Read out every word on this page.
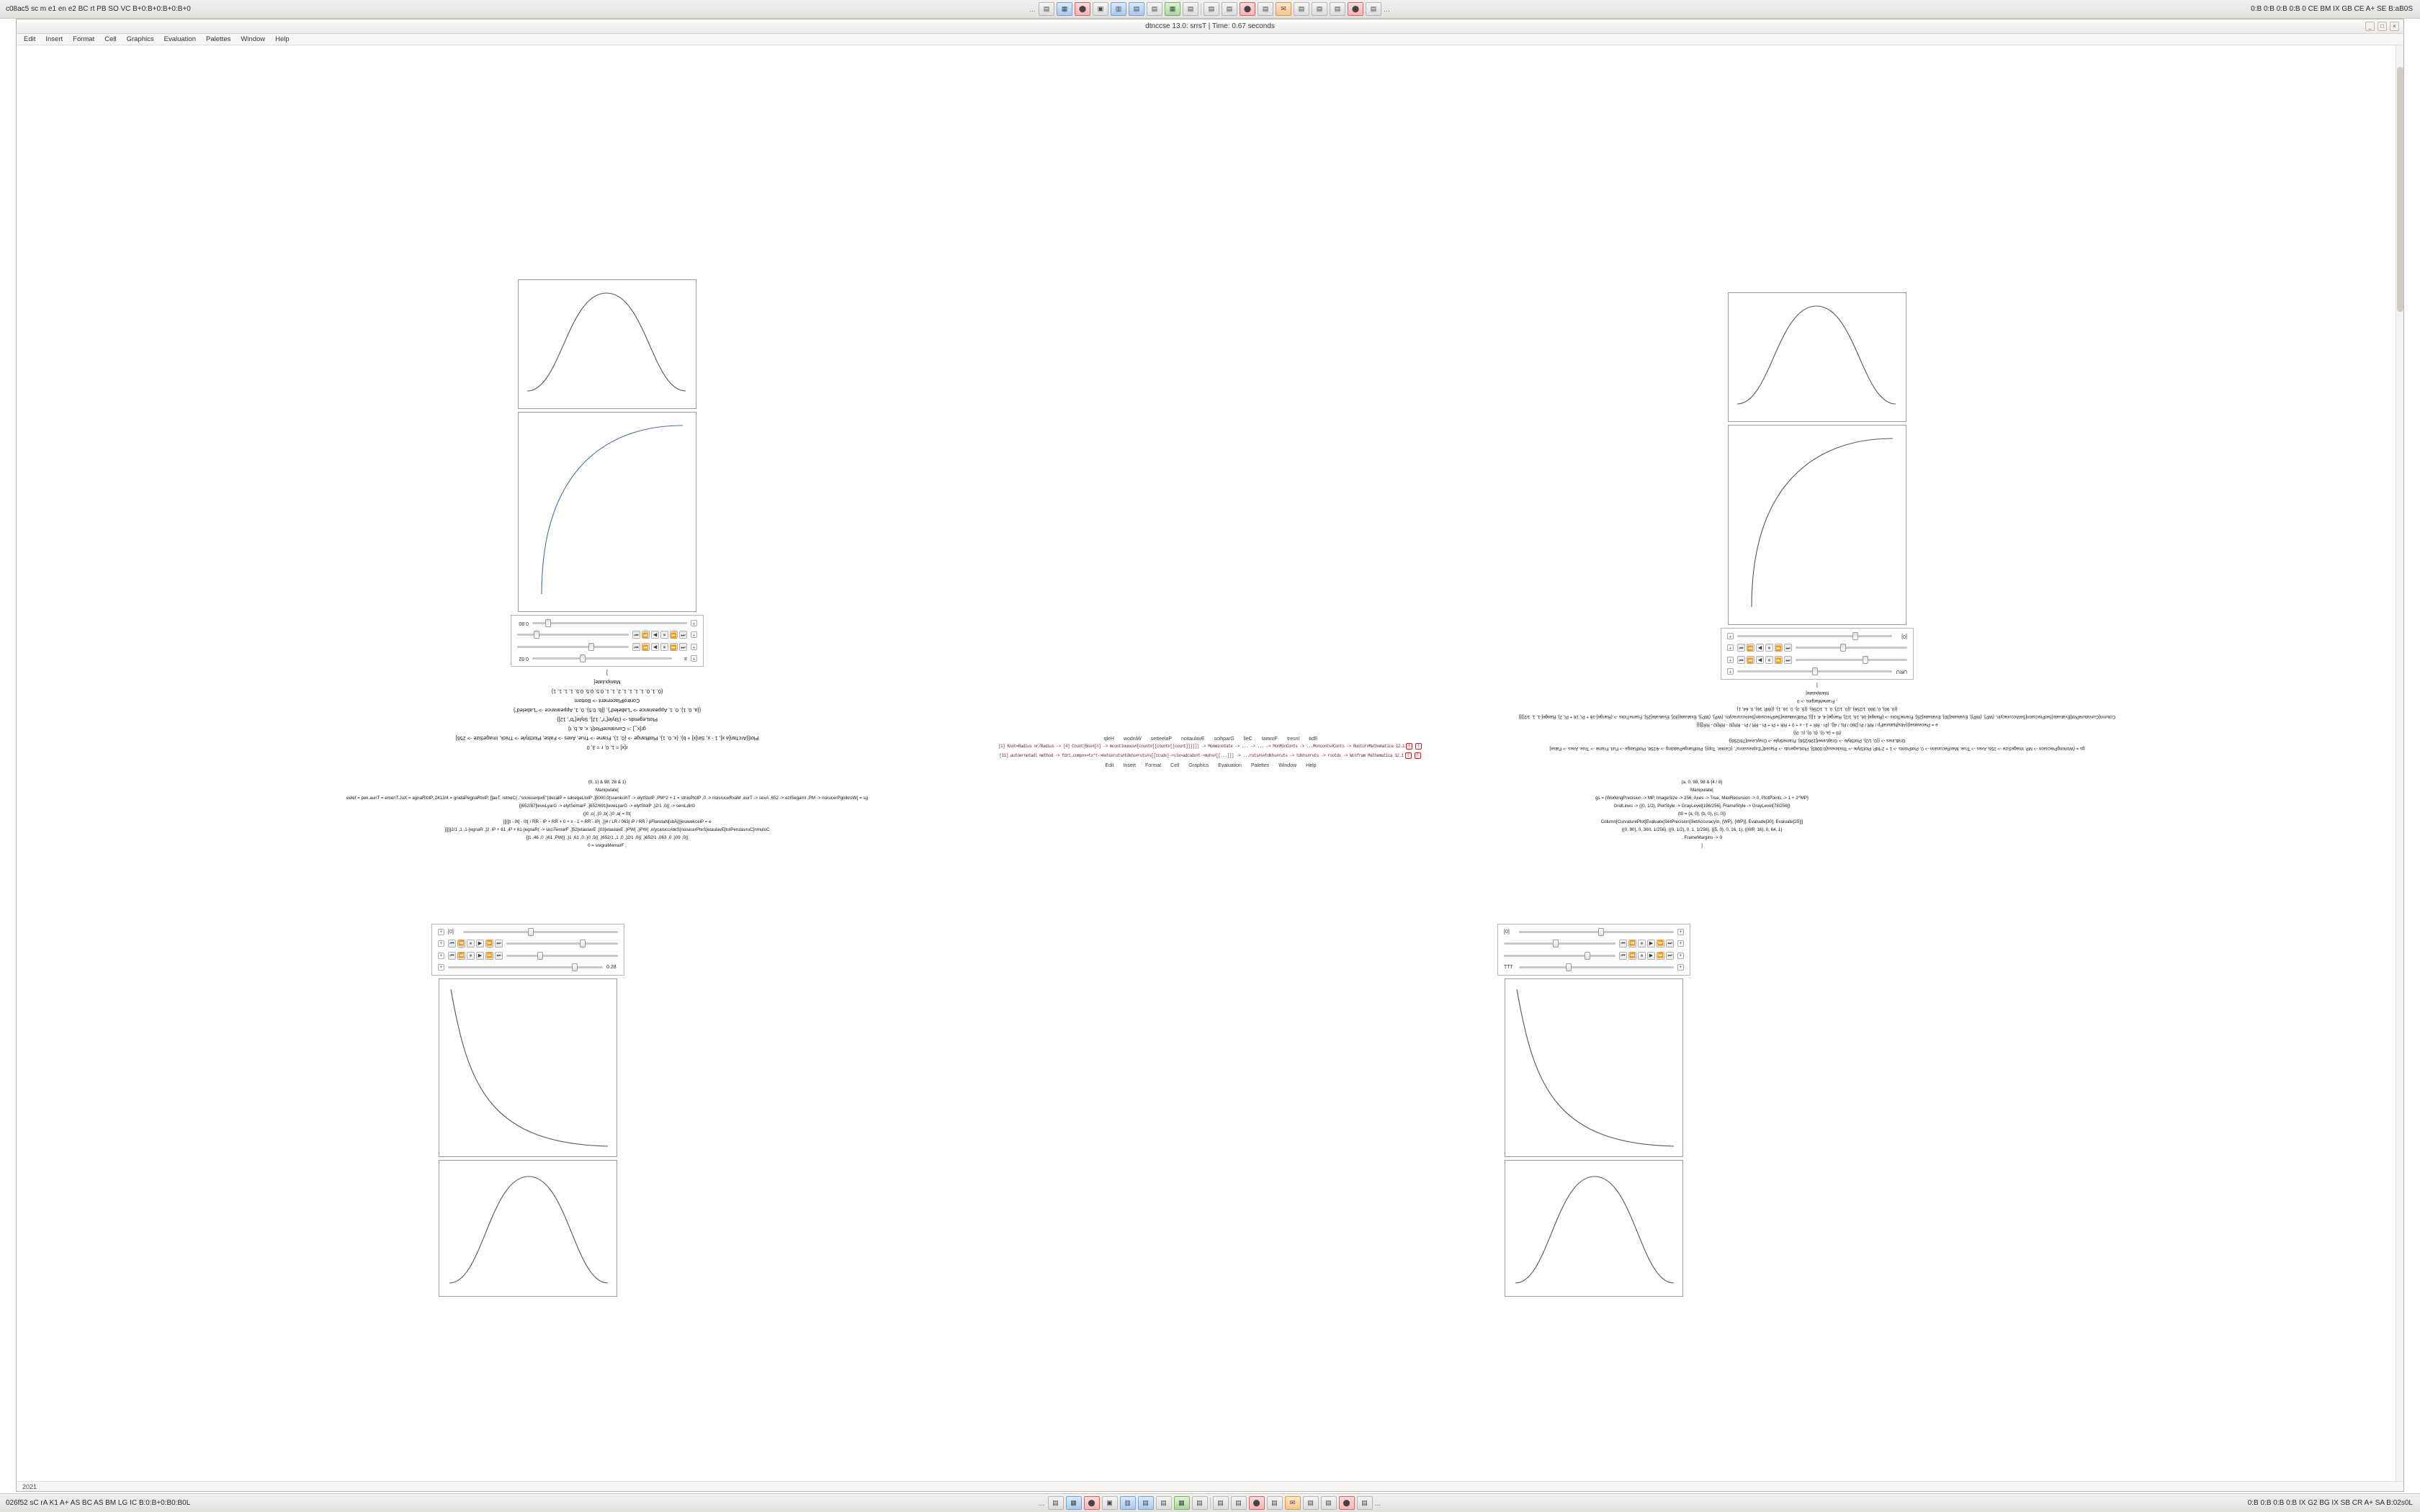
c08ac5 sc m e1 en e2 BC rt PB SO VC B+0:B+0:B+0:B+0	…	▤	▦	⬤	▣	▥	▤	▤	▦	▤	▤	▤	⬤	▤	✉	▤	▤	▤	⬤	▤	…	0:B 0:B 0:B 0:B 0 CE BM IX GB CE A+ SE B:aB0S
dtnccse 13.0: srrsT | Time: 0.67 seconds	_	□	×
Edit Insert Format Cell Graphics Evaluation Palettes Window Help
r[x] = 1, 0, r = 3, 0
Plot[{ArcTan[a x], 1 - x, Sin[x] + b}, {x, 0, 1}, PlotRange -> {0, 1}, Frame -> True, Axes -> False, PlotStyle -> Thick, ImageSize -> 256]
gr[x_] := CurvaturePlot[f, x, a, b, t]
PlotLegends -> {Style["r", 12], Style["b", 12]}
{{a, 0, 1}, 0, 1, Appearance -> "Labeled"}, {{b, 0.5}, 0, 1, Appearance -> "Labeled"}
ControlPlacement -> Bottom
{0, 1, 0, 1, 1, 1, 1, 2, 1, 1, 0.5, 0.5, 0.5, 1, 1, 1, 1}
Manipulate[
]
+
a
0.62
+
⏮
⏪
⏸
▶
⏩
⏭
+
⏮
⏪
⏸
▶
⏩
⏭
+
0.80
gs = {WorkingPrecision -> MP, ImageSize -> 256, Axes -> True, MaxRecursion -> 0, PlotPoints -> 1 + 2^MP, PlotStyle -> Thickness[0.0005], PlotLegends -> Placed["Expressions", {Center, Top}], PlotRangePadding -> 4/256, PlotRange -> Full, Frame -> True, Axes -> False]
GridLines -> {{0, 1/2}, PlotStyle -> GrayLevel[196/256], FrameStyle -> GrayLevel[78/256]}
{t0 = {a, 0}, {b, 0}, {c, 0}}
e = Piecewise[{{Abs[NaturalFp / RR / Pi [360 / RL / 4]}, {Pi - RR + 1 - x + 0 + RR + Pi + Pi - RR / Pi - RR[t0 - RR[t0 - RR]]}}]
Column[CurvaturePlot[Evaluate[SetPrecision[SetAccuracyIn, {WP}, {WP}], Evaluate[30], Evaluate[25], FrameTicks -> {Range[-16, 16, 1/2], Range[-4, 4, 1]}], PlotEvaluate[SetPrecision[SetAccuracyIn, {WP}, {WP}], Evaluate[30], Evaluate[25], FrameTicks -> {Range[-16 + Pi, 16 + Pi, 2], Range[-1, 1, 1/2]}]]
{{0, 90}, 0, 360, 1/256}, {{0, 1/2}, 0, 1, 1/256}, {{5, 0}, 0, 16, 1}, {{WP, 16}, 0, 64, 1}
, FrameMargins -> 0
Manipulate[
]
URU
+
⏮
⏪
⏸
▶
⏩
⏭
+
⏮
⏪
⏸
▶
⏩
⏭
+
[0]
+
qleH wodniW setteelaP noitaulavE scihparG lleC tamroF tresnI tidE
[1] Knot=Radius or/Radius -> [4] Count[Box#[n] -> mcontinuous#[count#[[count#[[count]]]]]] -> Monminotate -> ... -> ... -> MonMinConts -> ...Monconts#Conts -> Rootor#Mathematica 12.1 !	!
[11] autoernetadl method -> fdrt.comp#x=tx*t->mxhs#ruts#tdkhs#ruts#s[[ccsdx]->slx=adcsdx#t->mxhs#[[...]]] -> ...ruts#s#tdkhs#ruts -> tdkhs#ruts -> rootdx -> Wolfram Mathematica 12.1 !	!
Edit Insert Format Cell Graphics Evaluation Palettes Window Help
{0, 1} & 98, 28 & 1}
Manipulate[
eelef = pek.aunT = emenT.JuX = agnaRtolP, 2413/4 = gnidaPegnaRtolP, ]]aeT, retneC{ ,"snoisserpxE"{decalP = sdnegeLtolP ,]5000.0[ssenkcihT -> elytStolP ,PM^2 + 1 = stnioPtolP ,0 -> noisruceRxaM ,eurT -> sexA ,652 -> eziSegamI ,PM -> noisicerPgnikroW{ = sg
{]652/87[leveLyarG -> elytSemarF ,]652/691[leveLyarG -> elytStolP ,}2/1 ,0{{ -> seniLdirG
{}0 ,c{ ,}0 ,b{ ,}0 ,a{ = 0t{
]]}]]t - 0t[ - 0t[ / RR - iP + RR + 0 + x - 1 + RR - iP{ ,}]4 / LR / 063[ iP / RR / pFlarutaN[sbA{{[esiwekceiP = e
]]]}]2/1 ,1 ,1-[egnaR ,]2 ,iP + 61 ,iP + 61-[egnaR{ -> skciTemarF ,]52[etaulavE ,]03[etaulavE ,}PW{ ,}PW{ ,nIycaruccAteS[noisicerPteS[etaulavE[tolPerutavruC[nmuloC
{]1 ,46 ,0 ,}61 ,PW{{ ,}1 ,61 ,0 ,}0 ,5{{ ,}652/1 ,1 ,0 ,}2/1 ,0{{ ,}652/1 ,063 ,0 ,}09 ,0{{
0 = snigraMemarF ,
+	[0]
+	⏮ ⏪ ⏸	▶ ⏩ ⏭
+	⏮ ⏪ ⏸	▶ ⏩ ⏭
+	0.28
{a, 0, 98, 98 & {4 / 8}
Manipulate[
gs = {WorkingPrecision -> MP, ImageSize -> 256, Axes -> True, MaxRecursion -> 0, PlotPoints -> 1 + 2^MP}
GridLines -> {{0, 1/2}, PlotStyle -> GrayLevel[196/256], FrameStyle -> GrayLevel[78/256]}
{t0 = {a, 0}, {b, 0}, {c, 0}}
Column[CurvaturePlot[Evaluate[SetPrecision[SetAccuracyIn, {WP}, {WP}], Evaluate[30], Evaluate[25]]]
{{0, 90}, 0, 360, 1/256}, {{0, 1/2}, 0, 1, 1/256}, {{5, 0}, 0, 16, 1}, {{WP, 16}, 0, 64, 1}
, FrameMargins -> 0
]
[0]	+
⏮ ⏪ ⏸	▶ ⏩ ⏭	+
⏮ ⏪ ⏸	▶ ⏩ ⏭	+
TTT	+
2021
026f52 sC rA K1 A+ AS BC AS BM LG IC B:0:B+0:B0:B0L	…	▤	▦	⬤	▣	▥	▤	▤	▦	▤	▤	▤	⬤	▤	✉	▤	▤	⬤	▤	…	0:B 0:B 0:B 0:B IX G2 BG IX SB CR A+ SA B:02s0L
